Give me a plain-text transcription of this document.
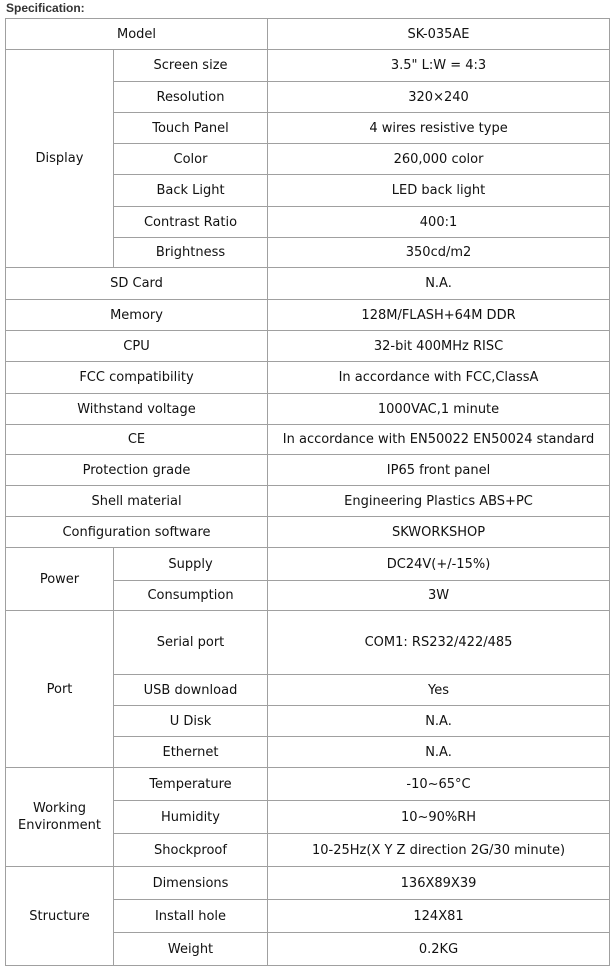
Specification:
Model		SK-035AE
Display	Screen size	3.5" L:W = 4:3
	Resolution	320×240
	Touch Panel	4 wires resistive type
	Color	260,000 color
	Back Light	LED back light
	Contrast Ratio	400:1
	Brightness	350cd/m2
SD Card		N.A.
Memory		128M/FLASH+64M DDR
CPU		32-bit 400MHz RISC
FCC compatibility		In accordance with FCC,ClassA
Withstand voltage		1000VAC,1 minute
CE		In accordance with EN50022 EN50024 standard
Protection grade		IP65 front panel
Shell material		Engineering Plastics ABS+PC
Configuration software		SKWORKSHOP
Power	Supply	DC24V(+/-15%)
	Consumption	3W
Port	Serial port	COM1: RS232/422/485
	USB download	Yes
	U Disk	N.A.
	Ethernet	N.A.
Working
Environment	Temperature	-10~65°C
	Humidity	10~90%RH
	Shockproof	10-25Hz(X Y Z direction 2G/30 minute)
Structure	Dimensions	136X89X39
	Install hole	124X81
	Weight	0.2KG
